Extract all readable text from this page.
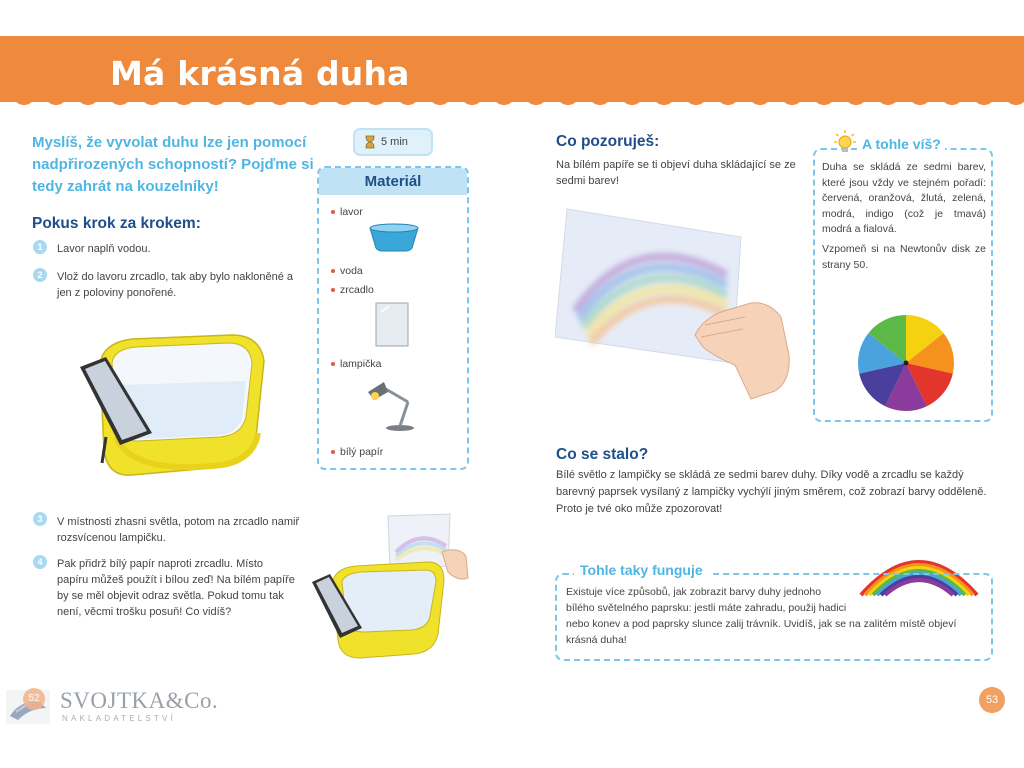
Má krásná duha
Myslíš, že vyvolat duhu lze jen pomocí nadpřirozených schopností? Pojďme si tedy zahrát na kouzelníky!
Pokus krok za krokem:
1	Lavor naplň vodou.
2	Vlož do lavoru zrcadlo, tak aby bylo nakloněné a jen z poloviny ponořené.
3	V místnosti zhasni světla, potom na zrcadlo namiř rozsvícenou lampičku.
4	Pak přidrž bílý papír naproti zrcadlu. Místo papíru můžeš použít i bílou zeď! Na bílém papíře by se měl objevit odraz světla. Pokud tomu tak není, věcmi trošku posuň! Co vidíš?
5 min
Materiál
lavor
voda
zrcadlo
lampička
bílý papír
Co pozoruješ:
Na bílém papíře se ti objeví duha skládající se ze sedmi barev!
A tohle víš?
Duha se skládá ze sedmi barev, které jsou vždy ve stejném pořadí: červená, oranžová, žlutá, zelená, modrá, indigo (což je tmavá) modrá a fialová.
Vzpomeň si na Newtonův disk ze strany 50.
Co se stalo?
Bílé světlo z lampičky se skládá ze sedmi barev duhy. Díky vodě a zrcadlu se každý barevný paprsek vysílaný z lampičky vychýlí jiným směrem, což zobrazí barvy odděleně. Proto je tvé oko může zpozorovat!
Tohle taky funguje
Existuje více způsobů, jak zobrazit barvy duhy jednoho
bílého světelného paprsku: jestli máte zahradu, použij hadici
nebo konev a pod paprsky slunce zalij trávník. Uvidíš, jak se na zalitém místě objeví krásná duha!
52 SVOJTKA&Co.
NAKLADATELSTVÍ
53
